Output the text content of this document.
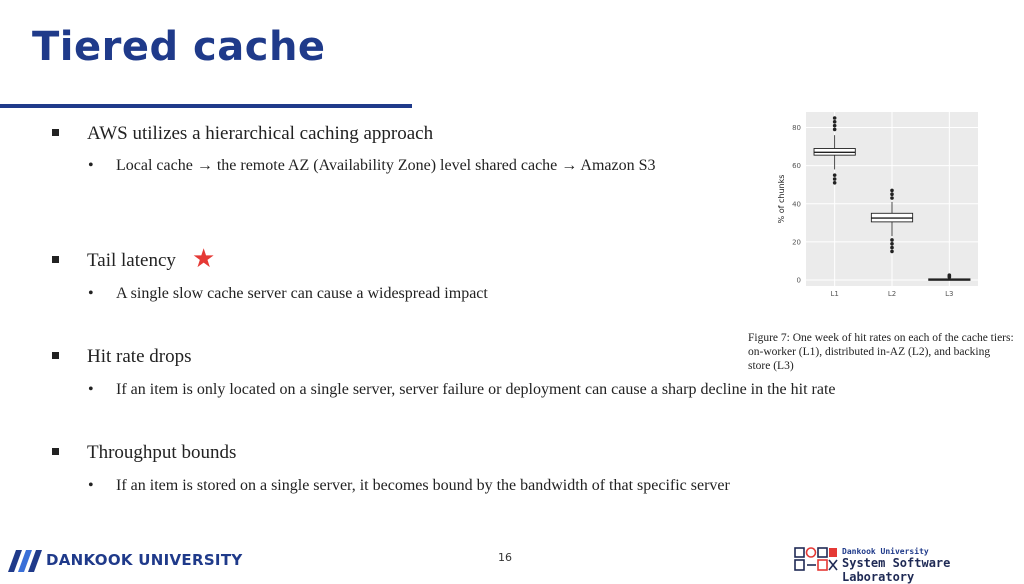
Tiered cache
AWS utilizes a hierarchical caching approach
• Local cache → the remote AZ (Availability Zone) level shared cache → Amazon S3
Tail latency ★
• A single slow cache server can cause a widespread impact
Hit rate drops
• If an item is only located on a single server, server failure or deployment can cause a sharp decline in the hit rate
Throughput bounds
• If an item is stored on a single server, it becomes bound by the bandwidth of that specific server
0
20
40
60
80
L1	L2	L3
% of chunks
Figure 7: One week of hit rates on each of the cache tiers: on-worker (L1), distributed in-AZ (L2), and backing store (L3)
DANKOOK UNIVERSITY	16	Dankook University
System Software Laboratory
